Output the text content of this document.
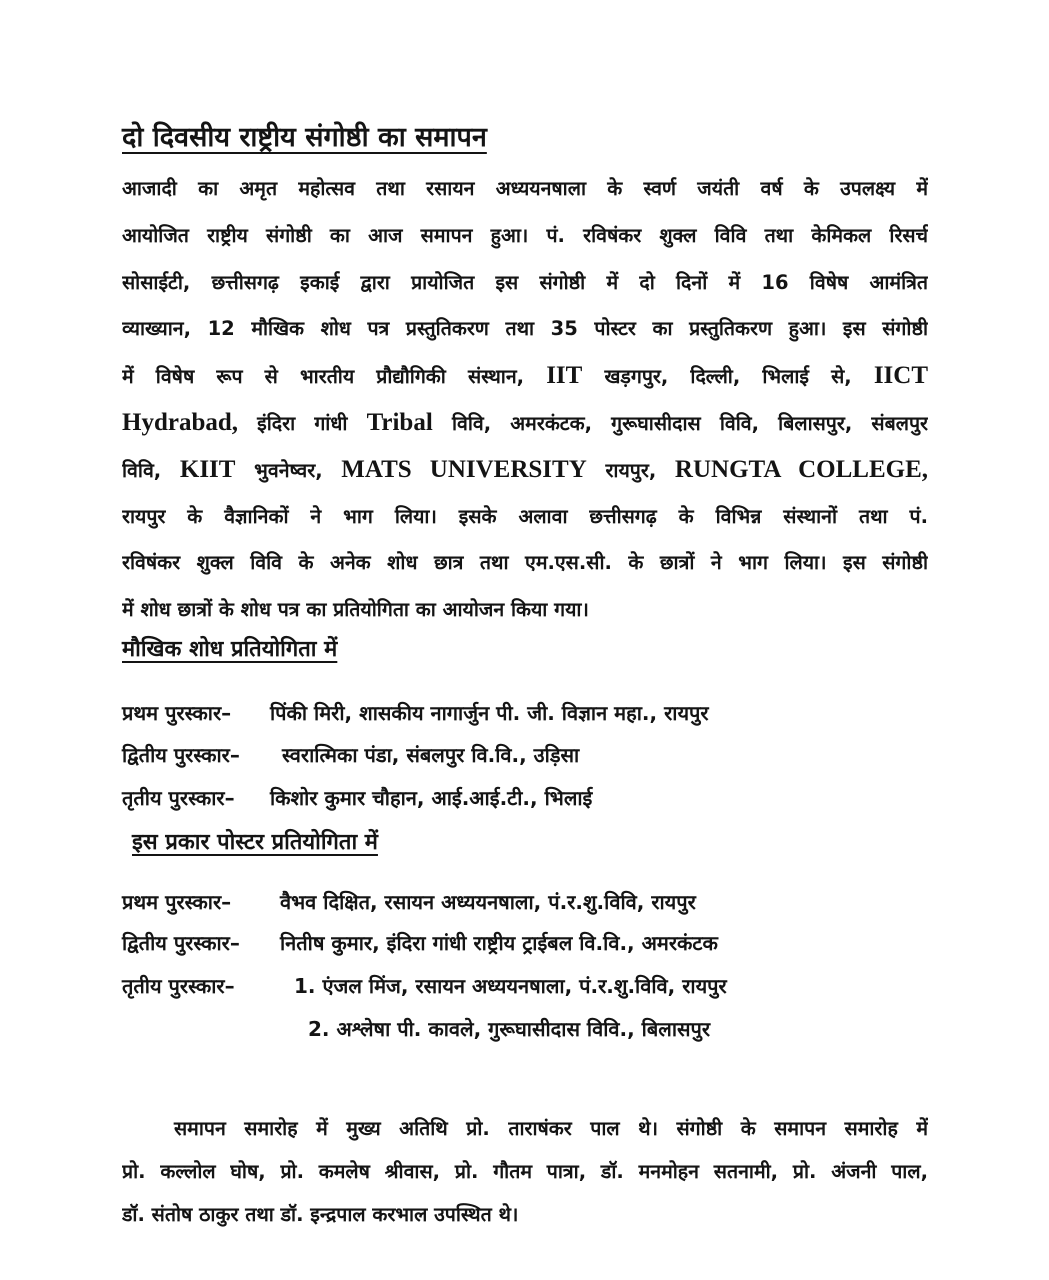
दो दिवसीय राष्ट्रीय संगोष्ठी का समापन
आजादी का अमृत महोत्सव तथा रसायन अध्ययनषाला के स्वर्ण जयंती वर्ष के उपलक्ष्य में
आयोजित राष्ट्रीय संगोष्ठी का आज समापन हुआ। पं. रविषंकर शुक्ल विवि तथा केमिकल रिसर्च
सोसाईटी, छत्तीसगढ़ इकाई द्वारा प्रायोजित इस संगोष्ठी में दो दिनों में 16 विषेष आमंत्रित
व्याख्यान, 12 मौखिक शोध पत्र प्रस्तुतिकरण तथा 35 पोस्टर का प्रस्तुतिकरण हुआ। इस संगोष्ठी
में विषेष रूप से भारतीय प्रौद्यौगिकी संस्थान, IIT खड़गपुर, दिल्ली, भिलाई से, IICT
Hydrabad, इंदिरा गांधी Tribal विवि, अमरकंटक, गुरूघासीदास विवि, बिलासपुर, संबलपुर
विवि, KIIT भुवनेष्वर, MATS UNIVERSITY रायपुर, RUNGTA COLLEGE,
रायपुर के वैज्ञानिकों ने भाग लिया। इसके अलावा छत्तीसगढ़ के विभिन्न संस्थानों तथा पं.
रविषंकर शुक्ल विवि के अनेक शोध छात्र तथा एम.एस.सी. के छात्रों ने भाग लिया। इस संगोष्ठी
में शोध छात्रों के शोध पत्र का प्रतियोगिता का आयोजन किया गया।
मौखिक शोध प्रतियोगिता में
प्रथम पुरस्कार– पिंकी मिरी, शासकीय नागार्जुन पी. जी. विज्ञान महा., रायपुर
द्वितीय पुरस्कार– स्वरात्मिका पंडा, संबलपुर वि.वि., उड़िसा
तृतीय पुरस्कार– किशोर कुमार चौहान, आई.आई.टी., भिलाई
इस प्रकार पोस्टर प्रतियोगिता में
प्रथम पुरस्कार– वैभव दिक्षित, रसायन अध्ययनषाला, पं.र.शु.विवि, रायपुर
द्वितीय पुरस्कार– नितीष कुमार, इंदिरा गांधी राष्ट्रीय ट्राईबल वि.वि., अमरकंटक
तृतीय पुरस्कार–	1. एंजल मिंज, रसायन अध्ययनषाला, पं.र.शु.विवि, रायपुर
2. अश्लेषा पी. कावले, गुरूघासीदास विवि., बिलासपुर
समापन समारोह में मुख्य अतिथि प्रो. ताराषंकर पाल थे। संगोष्ठी के समापन समारोह में
प्रो. कल्लोल घोष, प्रो. कमलेष श्रीवास, प्रो. गौतम पात्रा, डॉ. मनमोहन सतनामी, प्रो. अंजनी पाल,
डॉ. संतोष ठाकुर तथा डॉ. इन्द्रपाल करभाल उपस्थित थे।
